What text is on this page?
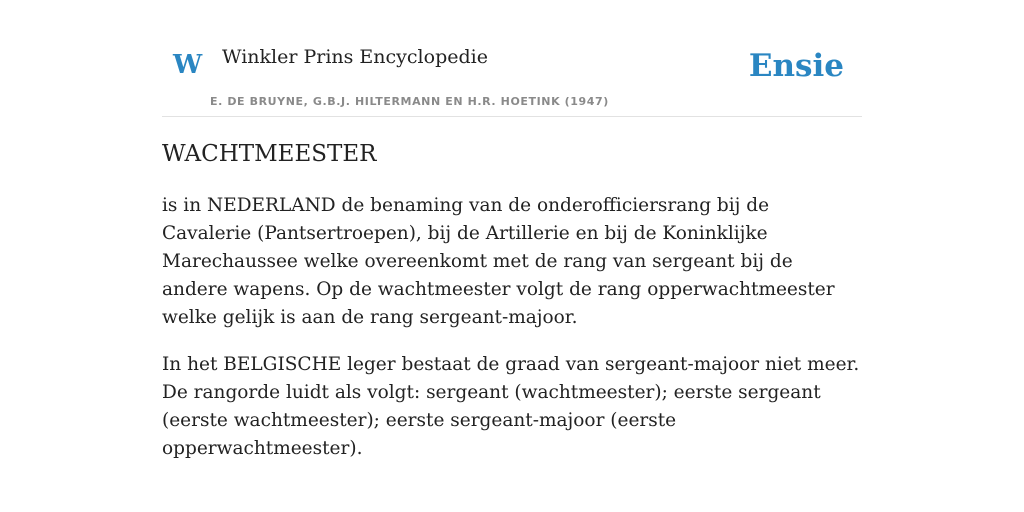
W Winkler Prins Encyclopedie
E. DE BRUYNE, G.B.J. HILTERMANN EN H.R. HOETINK (1947)
Ensie
WACHTMEESTER

is in NEDERLAND de benaming van de onderofficiersrang bij de Cavalerie (Pantsertroepen), bij de Artillerie en bij de Koninklijke Marechaussee welke overeenkomt met de rang van sergeant bij de andere wapens. Op de wachtmeester volgt de rang opperwachtmeester welke gelijk is aan de rang sergeant-majoor.

In het BELGISCHE leger bestaat de graad van sergeant-majoor niet meer. De rangorde luidt als volgt: sergeant (wachtmeester); eerste sergeant (eerste wachtmeester); eerste sergeant-majoor (eerste opperwachtmeester).
